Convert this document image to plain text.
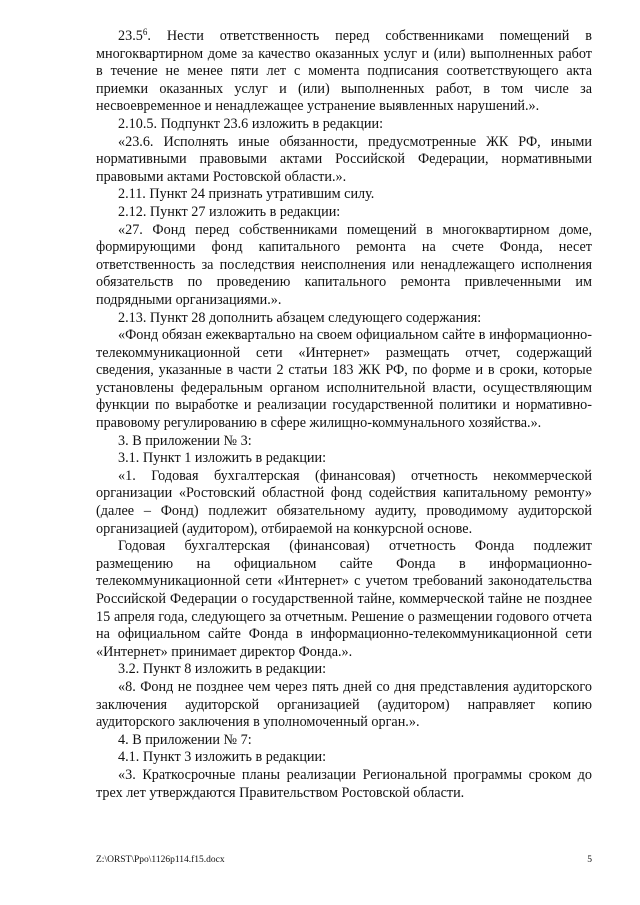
23.5$^6$. Нести ответственность перед собственниками помещений в многоквартирном доме за качество оказанных услуг и (или) выполненных работ в течение не менее пяти лет с момента подписания соответствующего акта приемки оказанных услуг и (или) выполненных работ, в том числе за несвоевременное и ненадлежащее устранение выявленных нарушений.».

2.10.5. Подпункт 23.6 изложить в редакции:

«23.6. Исполнять иные обязанности, предусмотренные ЖК РФ, иными нормативными правовыми актами Российской Федерации, нормативными правовыми актами Ростовской области.».

2.11. Пункт 24 признать утратившим силу.

2.12. Пункт 27 изложить в редакции:

«27. Фонд перед собственниками помещений в многоквартирном доме, формирующими фонд капитального ремонта на счете Фонда, несет ответственность за последствия неисполнения или ненадлежащего исполнения обязательств по проведению капитального ремонта привлеченными им подрядными организациями.».

2.13. Пункт 28 дополнить абзацем следующего содержания:

«Фонд обязан ежеквартально на своем официальном сайте в информационно-телекоммуникационной сети «Интернет» размещать отчет, содержащий сведения, указанные в части 2 статьи 183 ЖК РФ, по форме и в сроки, которые установлены федеральным органом исполнительной власти, осуществляющим функции по выработке и реализации государственной политики и нормативно-правовому регулированию в сфере жилищно-коммунального хозяйства.».

3. В приложении № 3:

3.1. Пункт 1 изложить в редакции:

«1. Годовая бухгалтерская (финансовая) отчетность некоммерческой организации «Ростовский областной фонд содействия капитальному ремонту» (далее – Фонд) подлежит обязательному аудиту, проводимому аудиторской организацией (аудитором), отбираемой на конкурсной основе.

Годовая бухгалтерская (финансовая) отчетность Фонда подлежит размещению на официальном сайте Фонда в информационно-телекоммуникационной сети «Интернет» с учетом требований законодательства Российской Федерации о государственной тайне, коммерческой тайне не позднее 15 апреля года, следующего за отчетным. Решение о размещении годового отчета на официальном сайте Фонда в информационно-телекоммуникационной сети «Интернет» принимает директор Фонда.».

3.2. Пункт 8 изложить в редакции:

«8. Фонд не позднее чем через пять дней со дня представления аудиторского заключения аудиторской организацией (аудитором) направляет копию аудиторского заключения в уполномоченный орган.».

4. В приложении № 7:

4.1. Пункт 3 изложить в редакции:

«3. Краткосрочные планы реализации Региональной программы сроком до трех лет утверждаются Правительством Ростовской области.

Z:\ORST\Ppo\1126p114.f15.docx	5
